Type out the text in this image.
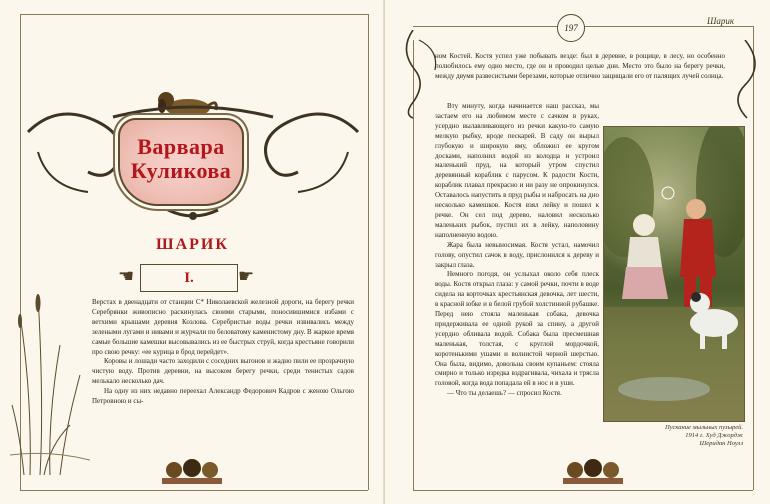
Варвара
Куликова
ШАРИК
☚	I.	☛

Верстах в двенадцати от станции С* Николаевской железной дороги, на берегу речки Серебрянки живописно раскинулась своими старыми, поносившимися избами с ветхими крышами деревня Козлова. Серебристые воды речки извивались между зелеными лугами и нивами и журчали по беловатому каменистому дну. В жаркое время самые большие камешки высовывались из ее быстрых струй, когда крестьяне говорили про свою речку: «ее курица в брод перейдет».

Коровы и лошади часто заходили с соседних выгонов и жадно пили ее прозрачную чистую воду. Против деревни, на высоком берегу речки, среди тенистых садов мелькало несколько дач.

На одну из них недавно переехал Александр Федорович Кадров с женою Ольгою Петровною и сы-

197
Шарик

ном Костей. Костя успел уже побывать везде: был в деревне, в рощице, в лесу, но особенно полюбилось ему одно место, где он и проводил целые дни. Место это было на берегу речки, между двумя развесистыми березами, которые отлично защищали его от палящих лучей солнца.

Вту минуту, когда начинается наш рассказ, мы застаем его на любимом месте с сачком в руках, усердно вылавливающего из речки какую-то самую мелкую рыбку, вроде пескарей. В саду он вырыл глубокую и широкую яму, обложил ее кругом досками, наполнил водой из колодца и устроил маленький пруд, на который утром спустил деревянный кораблик с парусом. К радости Кости, кораблик плавал прекрасно и ни разу не опрокинулся. Оставалось напустить в пруд рыбы и набросать на дно несколько камешков. Костя взял лейку и пошел к речке. Он сел под дерево, наловил несколько маленьких рыбок, пустил их в лейку, наполовину наполненную водою.

Жара была невыносимая. Костя устал, намочил голову, опустил сачок в воду, прислонился к дереву и закрыл глаза.

Немного погодя, он услыхал около себя плеск воды. Костя открыл глаза: у самой речки, почти в воде сидела на корточках крестьянская девочка, лет шести, в красной юбке и в белой грубой холстинной рубашке. Перед нею стояла маленькая собака, девочка придерживала ее одной рукой за спину, а другой усердно обливала водой. Собака была пресмешная маленькая, толстая, с круглой мордочкой, коротенькими ушами и волнистой черной шерстью. Она была, видимо, довольна своим купаньем: стояла смирно и только изредка вздрагивала, чихала и трясла головой, когда вода попадала ей в нос и в уши.

— Что ты делаешь? — спросил Костя.

Пускание мыльных пузырей.
1914 г. Худ Джордж
Шеридан Ноулз
